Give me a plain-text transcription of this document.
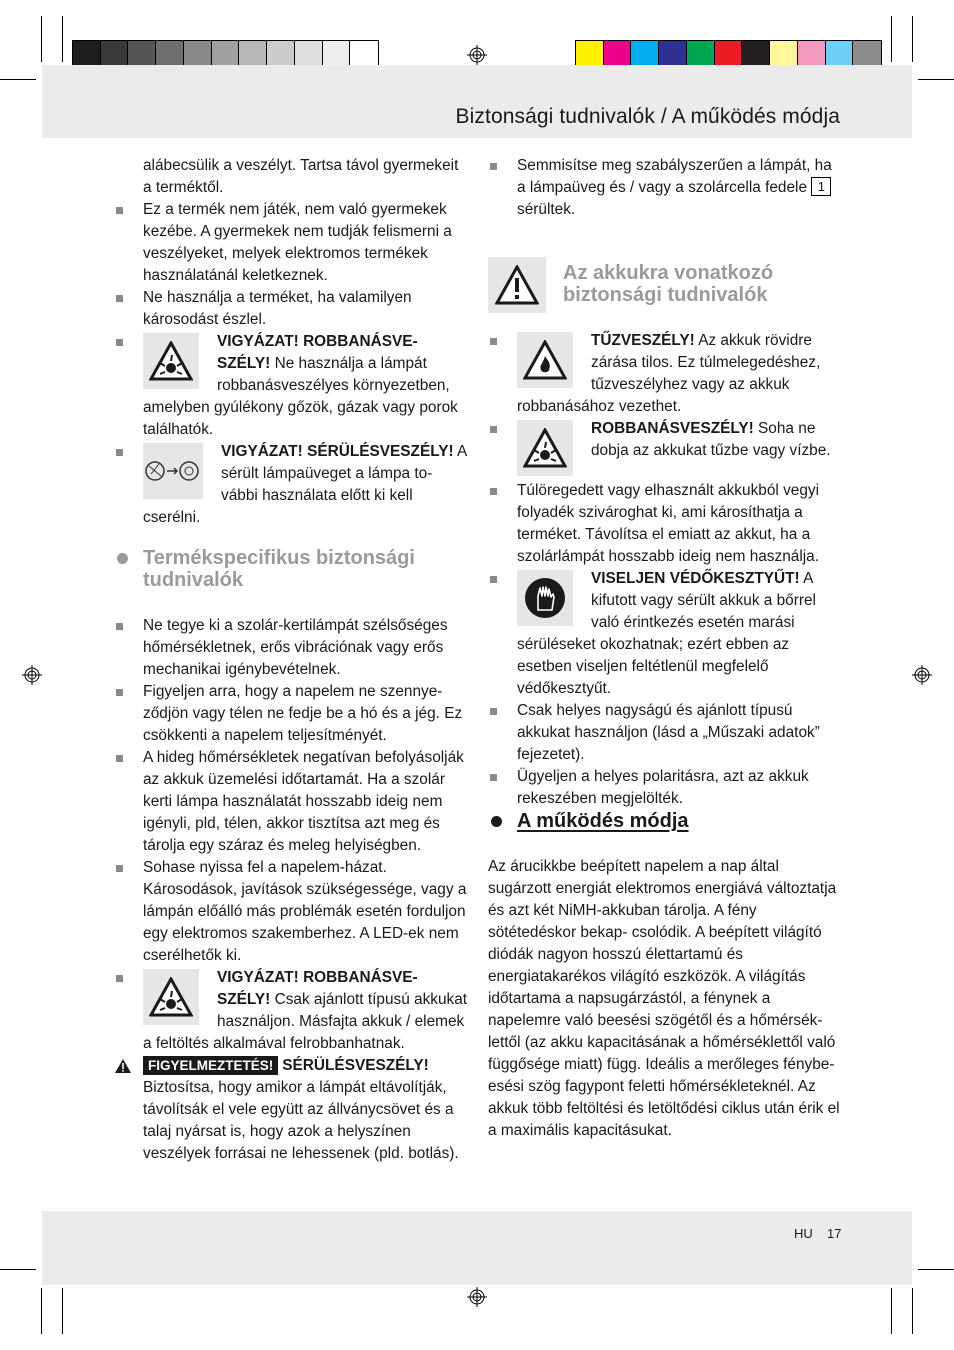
Biztonsági tudnivalók / A működés módja
HU 17
alábecsülik a veszélyt. Tartsa távol gyermekeit a terméktől.
Ez a termék nem játék, nem való gyermekek kezébe. A gyermekek nem tudják felismerni a veszélyeket, melyek elektromos termékek használatánál keletkeznek.
Ne használja a terméket, ha valamilyen károsodást észlel.
VIGYÁZAT! ROBBANÁSVE- SZÉLY! Ne használja a lámpát robbanásveszélyes környezetben, amelyben gyúlékony gőzök, gázak vagy porok találhatók.
VIGYÁZAT! SÉRÜLÉSVESZÉLY! A sérült lámpaüveget a lámpa to- vábbi használata előtt ki kell cserélni.
Termékspecifikus biztonsági tudnivalók
Ne tegye ki a szolár-kertilámpát szélsőséges hőmérsékletnek, erős vibrációnak vagy erős mechanikai igénybevételnek.
Figyeljen arra, hogy a napelem ne szennye- ződjön vagy télen ne fedje be a hó és a jég. Ez csökkenti a napelem teljesítményét.
A hideg hőmérsékletek negatívan befolyásolják az akkuk üzemelési időtartamát. Ha a szolár kerti lámpa használatát hosszabb ideig nem igényli, pld, télen, akkor tisztítsa azt meg és tárolja egy száraz és meleg helyiségben.
Sohase nyissa fel a napelem-házat. Károsodások, javítások szükségessége, vagy a lámpán előálló más problémák esetén forduljon egy elektromos szakemberhez. A LED-ek nem cserélhetők ki.
VIGYÁZAT! ROBBANÁSVE- SZÉLY! Csak ajánlott típusú akkukat használjon. Másfajta akkuk / elemek a feltöltés alkalmával felrobbanhatnak.
FIGYELMEZTETÉS! SÉRÜLÉSVESZÉLY!
Biztosítsa, hogy amikor a lámpát eltávolítják, távolítsák el vele együtt az állványcsövet és a talaj nyársat is, hogy azok a helyszínen veszélyek forrásai ne lehessenek (pld. botlás).
Semmisítse meg szabályszerűen a lámpát, ha a lámpaüveg és / vagy a szolárcella fedele 1 sérültek.
Az akkukra vonatkozó biztonsági tudnivalók
TŰZVESZÉLY! Az akkuk rövidre zárása tilos. Ez túlmelegedéshez, tűzveszélyhez vagy az akkuk robbanásához vezethet.
ROBBANÁSVESZÉLY! Soha ne dobja az akkukat tűzbe vagy vízbe.
Túlöregedett vagy elhasznált akkukból vegyi folyadék szivároghat ki, ami károsíthatja a terméket. Távolítsa el emiatt az akkut, ha a szolárlámpát hosszabb ideig nem használja.
VISELJEN VÉDŐKESZTYŰT! A kifutott vagy sérült akkuk a bőrrel való érintkezés esetén marási sérüléseket okozhatnak; ezért ebben az esetben viseljen feltétlenül megfelelő védőkesztyűt.
Csak helyes nagyságú és ajánlott típusú akkukat használjon (lásd a „Műszaki adatok” fejezetet).
Ügyeljen a helyes polaritásra, azt az akkuk rekeszében megjelölték.
A működés módja
Az árucikkbe beépített napelem a nap által sugárzott energiát elektromos energiává változtatja és azt két NiMH-akkuban tárolja. A fény sötétedéskor bekap- csolódik. A beépített világító diódák nagyon hosszú élettartamú és energiatakarékos világító eszközök. A világítás időtartama a napsugárzástól, a fénynek a napelemre való beesési szögétől és a hőmérsék- lettől (az akku kapacitásának a hőmérséklettől való függősége miatt) függ. Ideális a merőleges fénybe- esési szög fagypont feletti hőmérsékleteknél. Az akkuk több feltöltési és letöltődési ciklus után érik el a maximális kapacitásukat.
